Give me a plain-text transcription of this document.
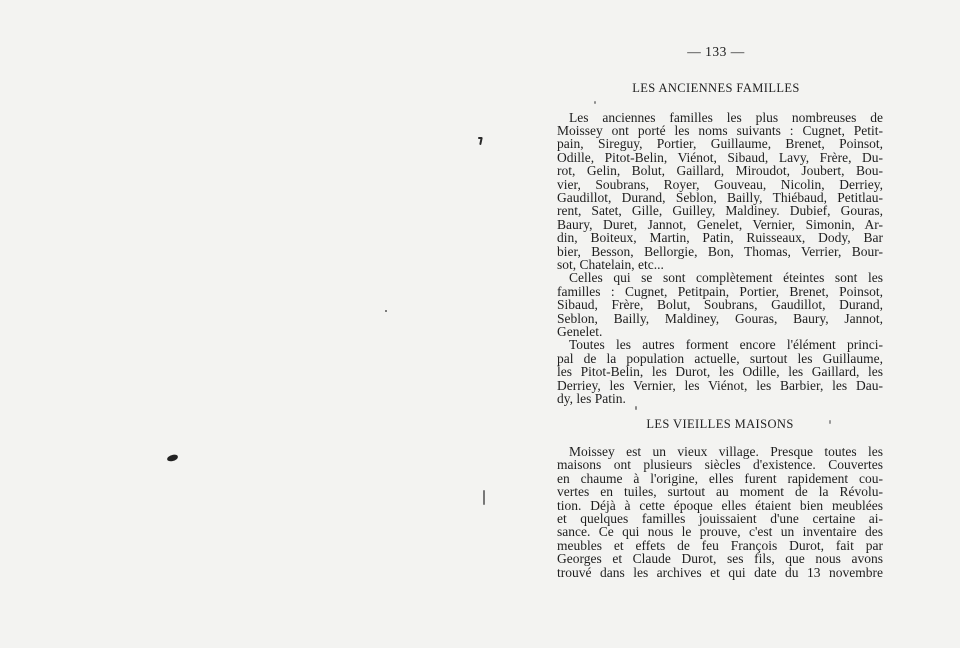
— 133 —
LES ANCIENNES FAMILLES
Les anciennes familles les plus nombreuses de
Moissey ont porté les noms suivants : Cugnet, Petit-
pain, Sireguy, Portier, Guillaume, Brenet, Poinsot,
Odille, Pitot-Belin, Viénot, Sibaud, Lavy, Frère, Du-
rot, Gelin, Bolut, Gaillard, Miroudot, Joubert, Bou-
vier, Soubrans, Royer, Gouveau, Nicolin, Derriey,
Gaudillot, Durand, Seblon, Bailly, Thiébaud, Petitlau-
rent, Satet, Gille, Guilley, Maldiney. Dubief, Gouras,
Baury, Duret, Jannot, Genelet, Vernier, Simonin, Ar-
din, Boiteux, Martin, Patin, Ruisseaux, Dody, Bar
bier, Besson, Bellorgie, Bon, Thomas, Verrier, Bour-
sot, Chatelain, etc...
Celles qui se sont complètement éteintes sont les
familles : Cugnet, Petitpain, Portier, Brenet, Poinsot,
Sibaud, Frère, Bolut, Soubrans, Gaudillot, Durand,
Seblon, Bailly, Maldiney, Gouras, Baury, Jannot,
Genelet.
Toutes les autres forment encore l'élément princi-
pal de la population actuelle, surtout les Guillaume,
les Pitot-Belin, les Durot, les Odille, les Gaillard, les
Derriey, les Vernier, les Viénot, les Barbier, les Dau-
dy, les Patin.
LES VIEILLES MAISONS
Moissey est un vieux village. Presque toutes les
maisons ont plusieurs siècles d'existence. Couvertes
en chaume à l'origine, elles furent rapidement cou-
vertes en tuiles, surtout au moment de la Révolu-
tion. Déjà à cette époque elles étaient bien meublées
et quelques familles jouissaient d'une certaine ai-
sance. Ce qui nous le prouve, c'est un inventaire des
meubles et effets de feu François Durot, fait par
Georges et Claude Durot, ses fils, que nous avons
trouvé dans les archives et qui date du 13 novembre
